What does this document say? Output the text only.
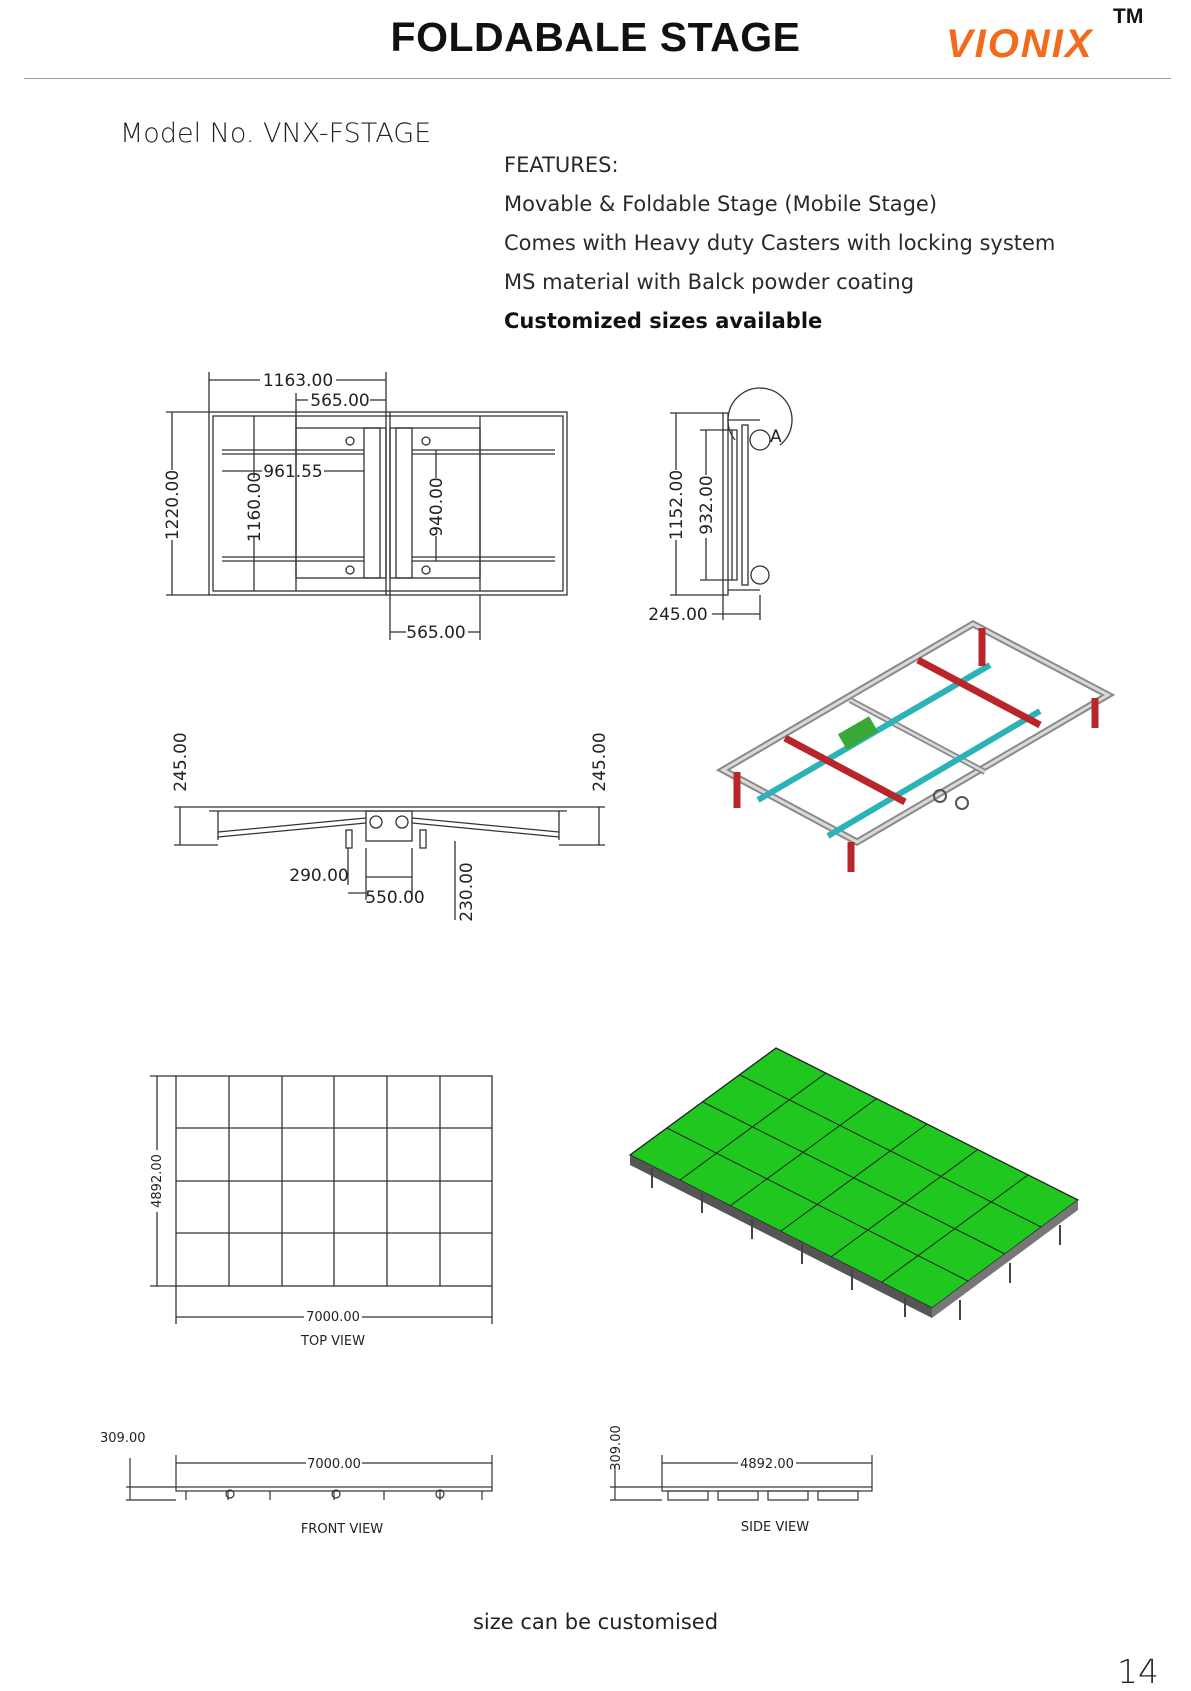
FOLDABALE STAGE	VIONIX
TM
Model No. VNX-FSTAGE
FEATURES:
Movable & Foldable Stage (Mobile Stage)
Comes with Heavy duty Casters with locking system
MS material with Balck powder coating
Customized sizes available
1163.00
565.00
961.55
565.00
1220.00	1160.00	940.00
A
1152.00 932.00
245.00
245.00	245.00
290.00
550.00 230.00
4892.00
7000.00
TOP VIEW
309.00
7000.00
FRONT VIEW
309.00	4892.00
SIDE VIEW
size can be customised
14
